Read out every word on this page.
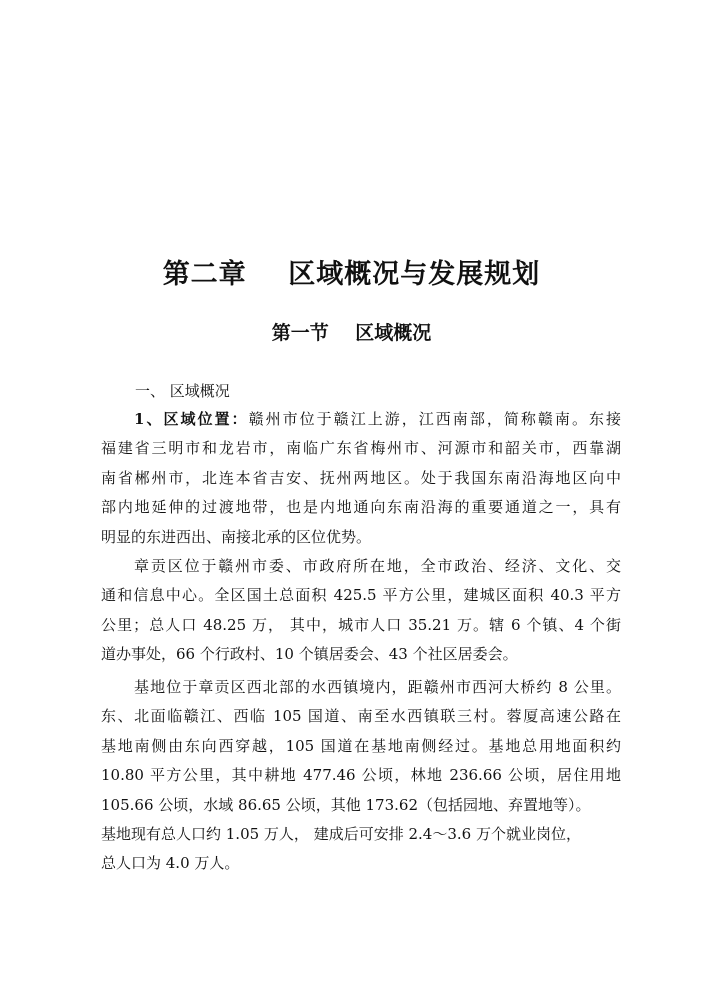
第二章    区域概况与发展规划
第一节    区域概况
一、 区域概况
1、区域位置：赣州市位于赣江上游，江西南部，简称赣南。东接
福建省三明市和龙岩市，南临广东省梅州市、河源市和韶关市，西靠湖
南省郴州市，北连本省吉安、抚州两地区。处于我国东南沿海地区向中
部内地延伸的过渡地带，也是内地通向东南沿海的重要通道之一，具有
明显的东进西出、南接北承的区位优势。
章贡区位于赣州市委、市政府所在地，全市政治、经济、文化、交
通和信息中心。全区国土总面积 425.5 平方公里，建城区面积 40.3 平方
公里；总人口 48.25 万， 其中，城市人口 35.21 万。辖 6 个镇、4 个街
道办事处，66 个行政村、10 个镇居委会、43 个社区居委会。
基地位于章贡区西北部的水西镇境内，距赣州市西河大桥约 8 公里。
东、北面临赣江、西临 105 国道、南至水西镇联三村。蓉厦高速公路在
基地南侧由东向西穿越，105 国道在基地南侧经过。基地总用地面积约
10.80 平方公里，其中耕地 477.46 公顷，林地 236.66 公顷，居住用地
105.66 公顷，水域 86.65 公顷，其他 173.62（包括园地、弃置地等）。
基地现有总人口约 1.05 万人， 建成后可安排 2.4～3.6 万个就业岗位，
总人口为 4.0 万人。
